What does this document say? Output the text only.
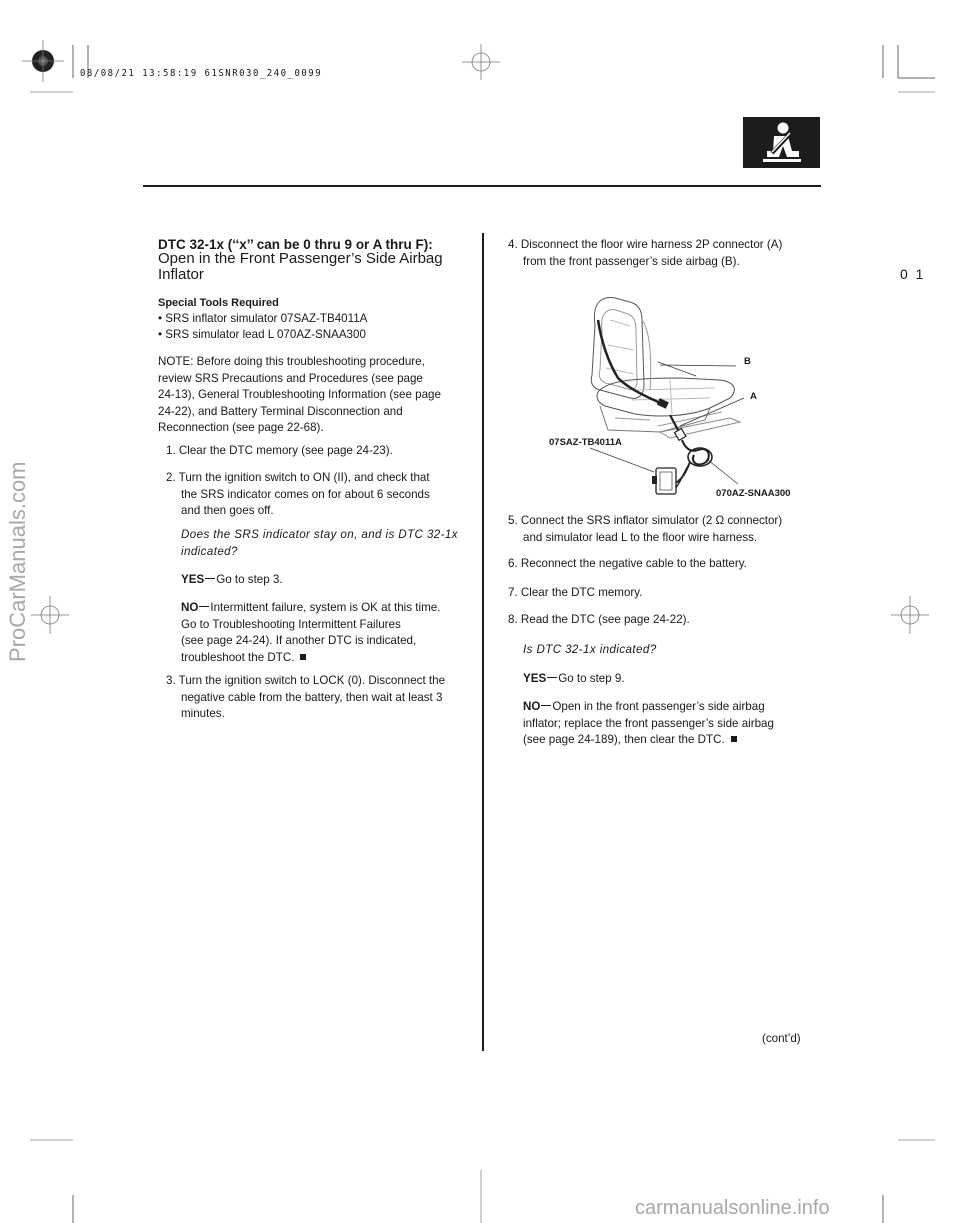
08/08/21 13:58:19 61SNR030_240_0099
0 1
ProCarManuals.com
carmanualsonline.info
DTC 32-1x (‘‘x’’ can be 0 thru 9 or A thru F):
Open in the Front Passenger’s Side Airbag
Inflator
Special Tools Required
• SRS inflator simulator 07SAZ-TB4011A
• SRS simulator lead L 070AZ-SNAA300
NOTE: Before doing this troubleshooting procedure,
review SRS Precautions and Procedures (see page
24-13), General Troubleshooting Information (see page
24-22), and Battery Terminal Disconnection and
Reconnection (see page 22-68).
1. Clear the DTC memory (see page 24-23).
2. Turn the ignition switch to ON (II), and check that
the SRS indicator comes on for about 6 seconds
and then goes off.
Does the SRS indicator stay on, and is DTC 32-1x
indicated?
YES Go to step 3.
NO Intermittent failure, system is OK at this time.
Go to Troubleshooting Intermittent Failures
(see page 24-24). If another DTC is indicated,
troubleshoot the DTC.
3. Turn the ignition switch to LOCK (0). Disconnect the
negative cable from the battery, then wait at least 3
minutes.
4. Disconnect the floor wire harness 2P connector (A)
from the front passenger’s side airbag (B).
B
A
07SAZ-TB4011A
070AZ-SNAA300
5. Connect the SRS inflator simulator (2 Ω connector)
and simulator lead L to the floor wire harness.
6. Reconnect the negative cable to the battery.
7. Clear the DTC memory.
8. Read the DTC (see page 24-22).
Is DTC 32-1x indicated?
YES Go to step 9.
NO Open in the front passenger’s side airbag
inflator; replace the front passenger’s side airbag
(see page 24-189), then clear the DTC.
(cont’d)
